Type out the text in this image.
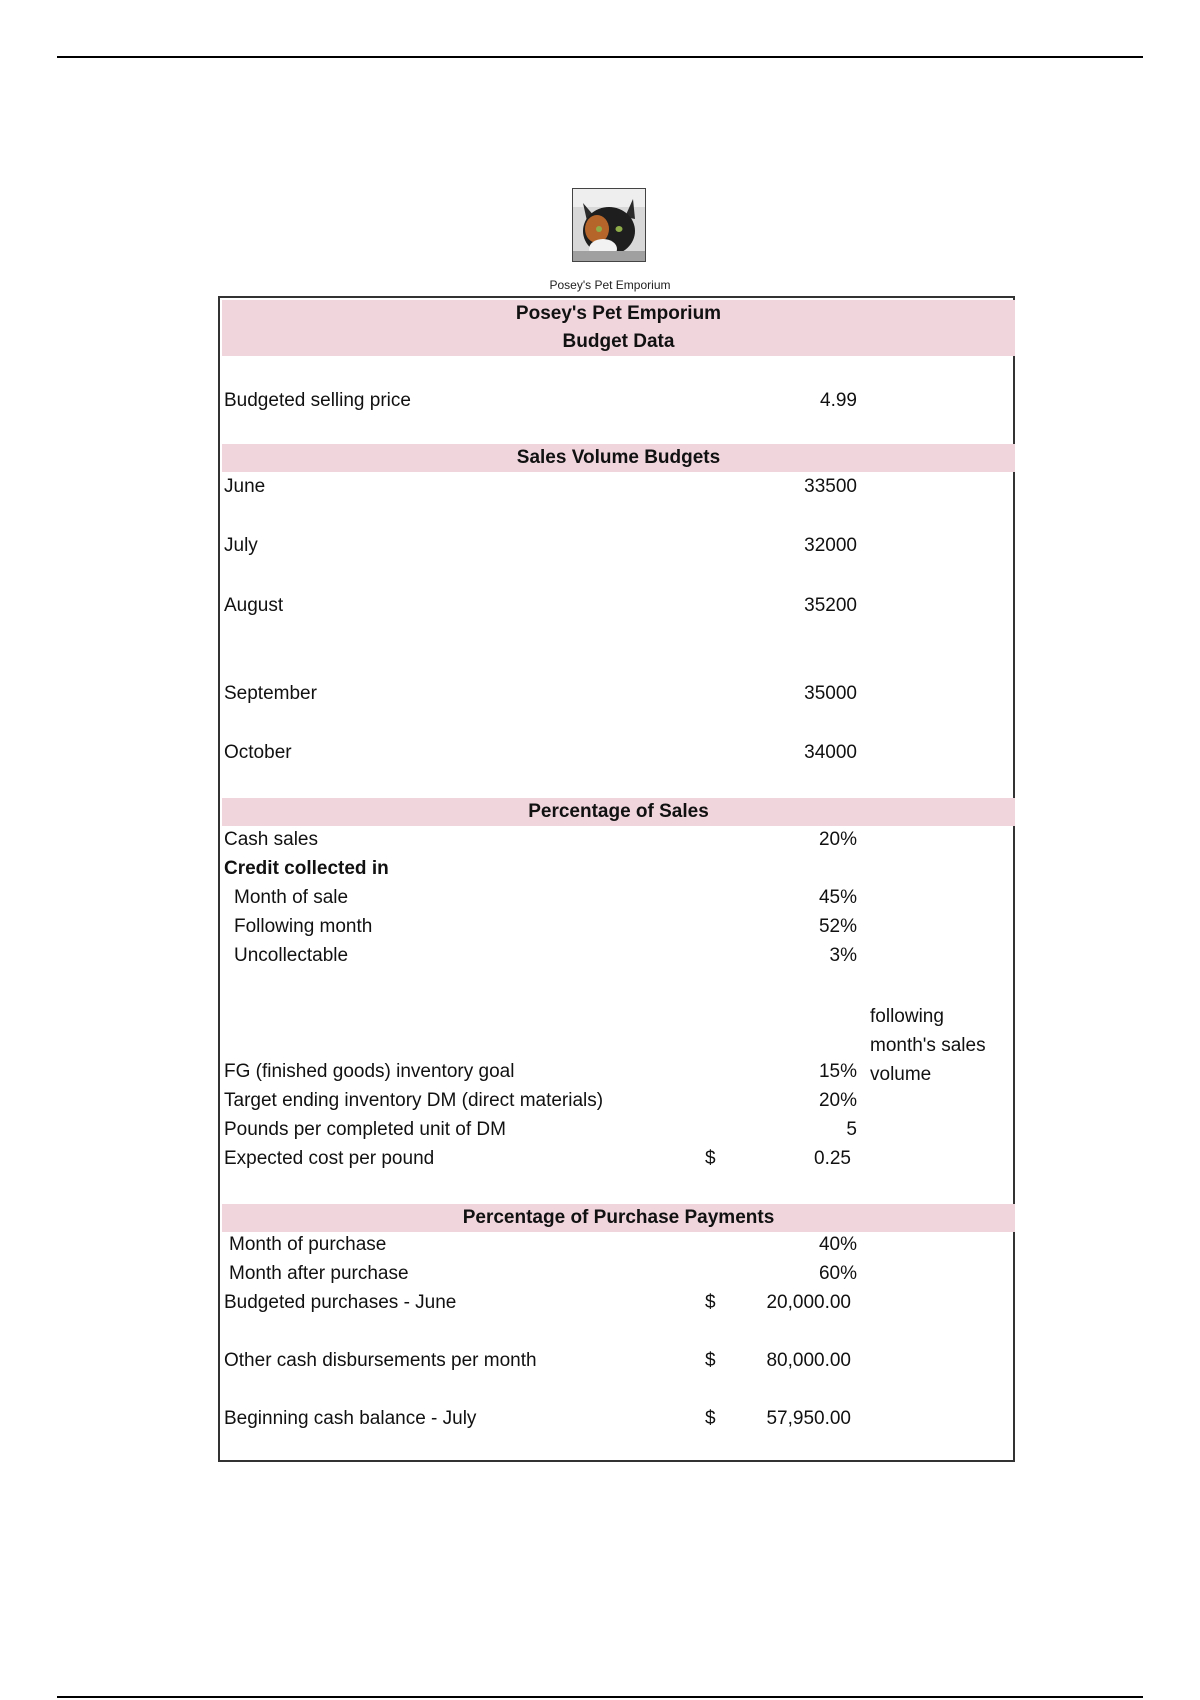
Posey's Pet Emporium
Posey's Pet Emporium
Budget Data
Budgeted selling price	4.99
Sales Volume Budgets
June	33500
July	32000
August	35200
September	35000
October	34000
Percentage of Sales
Cash sales	20%
Credit collected in
Month of sale	45%
Following month	52%
Uncollectable	3%
following
month's sales
volume
FG (finished goods) inventory goal	15%
Target ending inventory DM (direct materials)	20%
Pounds per completed unit of DM	5
Expected cost per pound	$	0.25
Percentage of Purchase Payments
Month of purchase	40%
Month after purchase	60%
Budgeted purchases - June	$	20,000.00
Other cash disbursements per month	$	80,000.00
Beginning cash balance - July	$	57,950.00
